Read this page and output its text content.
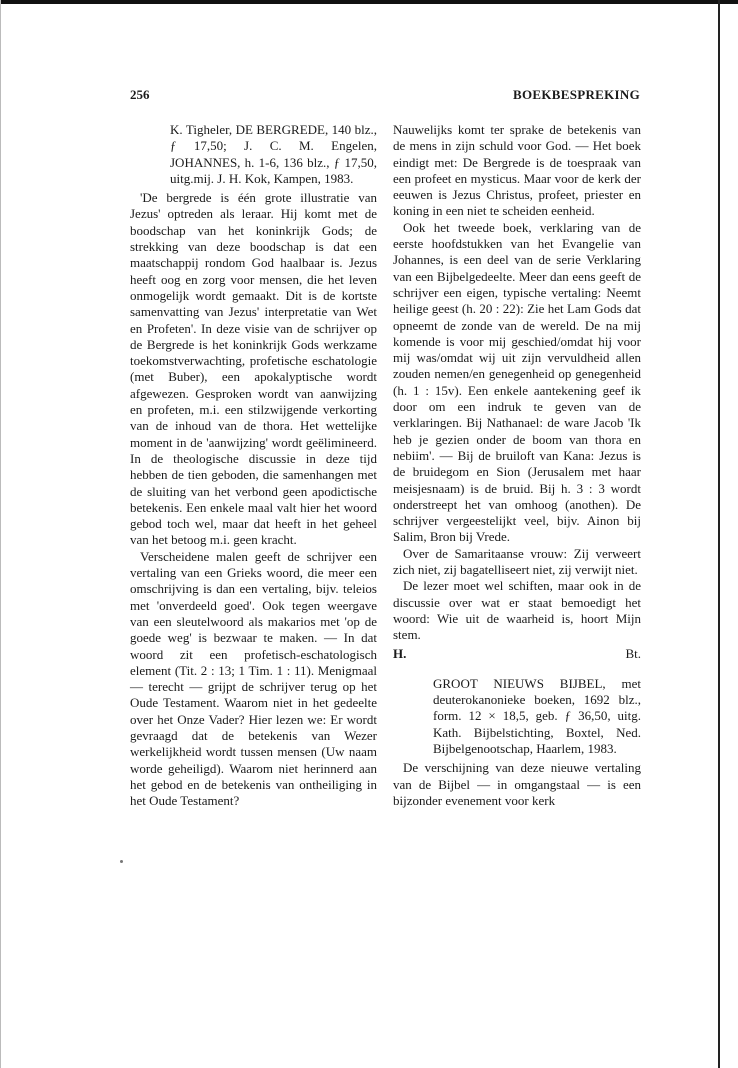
256	BOEKBESPREKING

K. Tigheler, DE BERGREDE, 140 blz., ƒ 17,50; J. C. M. Engelen, JOHANNES, h. 1-6, 136 blz., ƒ 17,50, uitg.mij. J. H. Kok, Kampen, 1983.

'De bergrede is één grote illustratie van Jezus' optreden als leraar. Hij komt met de boodschap van het koninkrijk Gods; de strekking van deze boodschap is dat een maatschappij rondom God haalbaar is. Jezus heeft oog en zorg voor mensen, die het leven onmogelijk wordt gemaakt. Dit is de kortste samenvatting van Jezus' interpretatie van Wet en Profeten'. In deze visie van de schrijver op de Bergrede is het koninkrijk Gods werkzame toekomstverwachting, profetische eschatologie (met Buber), een apokalyptische wordt afgewezen. Gesproken wordt van aanwijzing en profeten, m.i. een stilzwijgende verkorting van de inhoud van de thora. Het wettelijke moment in de 'aanwijzing' wordt geëlimineerd. In de theologische discussie in deze tijd hebben de tien geboden, die samenhangen met de sluiting van het verbond geen apodictische betekenis. Een enkele maal valt hier het woord gebod toch wel, maar dat heeft in het geheel van het betoog m.i. geen kracht.

Verscheidene malen geeft de schrijver een vertaling van een Grieks woord, die meer een omschrijving is dan een vertaling, bijv. teleios met 'onverdeeld goed'. Ook tegen weergave van een sleutelwoord als makarios met 'op de goede weg' is bezwaar te maken. — In dat woord zit een profetisch-eschatologisch element (Tit. 2 : 13; 1 Tim. 1 : 11). Menigmaal — terecht — grijpt de schrijver terug op het Oude Testament. Waarom niet in het gedeelte over het Onze Vader? Hier lezen we: Er wordt gevraagd dat de betekenis van Wezer werkelijkheid wordt tussen mensen (Uw naam worde geheiligd). Waarom niet herinnerd aan het gebod en de betekenis van ontheiliging in het Oude Testament?

Nauwelijks komt ter sprake de betekenis van de mens in zijn schuld voor God. — Het boek eindigt met: De Bergrede is de toespraak van een profeet en mysticus. Maar voor de kerk der eeuwen is Jezus Christus, profeet, priester en koning in een niet te scheiden eenheid.

Ook het tweede boek, verklaring van de eerste hoofdstukken van het Evangelie van Johannes, is een deel van de serie Verklaring van een Bijbelgedeelte. Meer dan eens geeft de schrijver een eigen, typische vertaling: Neemt heilige geest (h. 20 : 22): Zie het Lam Gods dat opneemt de zonde van de wereld. De na mij komende is voor mij geschied/omdat hij voor mij was/omdat wij uit zijn vervuldheid allen zouden nemen/en genegenheid op genegenheid (h. 1 : 15v). Een enkele aantekening geef ik door om een indruk te geven van de verklaringen. Bij Nathanael: de ware Jacob 'Ik heb je gezien onder de boom van thora en nebiim'. — Bij de bruiloft van Kana: Jezus is de bruidegom en Sion (Jerusalem met haar meisjesnaam) is de bruid. Bij h. 3 : 3 wordt onderstreept het van omhoog (anothen). De schrijver vergeestelijkt veel, bijv. Ainon bij Salim, Bron bij Vrede.

Over de Samaritaanse vrouw: Zij verweert zich niet, zij bagatelliseert niet, zij verwijt niet.

De lezer moet wel schiften, maar ook in de discussie over wat er staat bemoedigt het woord: Wie uit de waarheid is, hoort Mijn stem.

H.	Bt.

GROOT NIEUWS BIJBEL, met deuterokanonieke boeken, 1692 blz., form. 12 × 18,5, geb. ƒ 36,50, uitg. Kath. Bijbelstichting, Boxtel, Ned. Bijbelgenootschap, Haarlem, 1983.

De verschijning van deze nieuwe vertaling van de Bijbel — in omgangstaal — is een bijzonder evenement voor kerk
